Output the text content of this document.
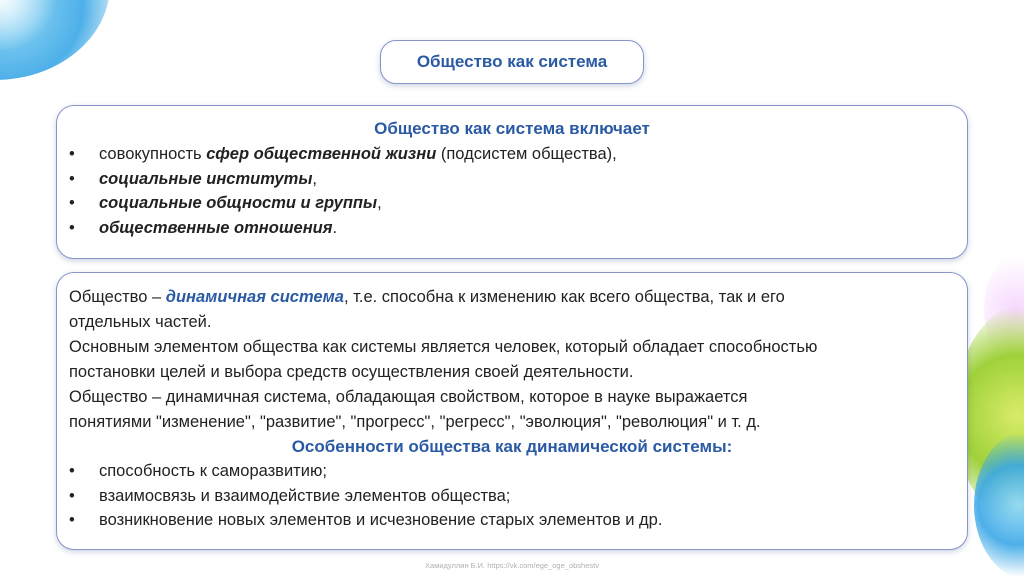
Общество как система
Общество как система включает
• совокупность сфер общественной жизни (подсистем общества),
• социальные институты,
• социальные общности и группы,
• общественные отношения.
Общество – динамичная система, т.е. способна к изменению как всего общества, так и его
отдельных частей.
Основным элементом общества как системы является человек, который обладает способностью
постановки целей и выбора средств осуществления своей деятельности.
Общество – динамичная система, обладающая свойством, которое в науке выражается
понятиями "изменение", "развитие", "прогресс", "регресс", "эволюция", "революция" и т. д.
Особенности общества как динамической системы:
• способность к саморазвитию;
• взаимосвязь и взаимодействие элементов общества;
• возникновение новых элементов и исчезновение старых элементов и др.
Хамидуллин Б.И. https://vk.com/ege_oge_obshestv
